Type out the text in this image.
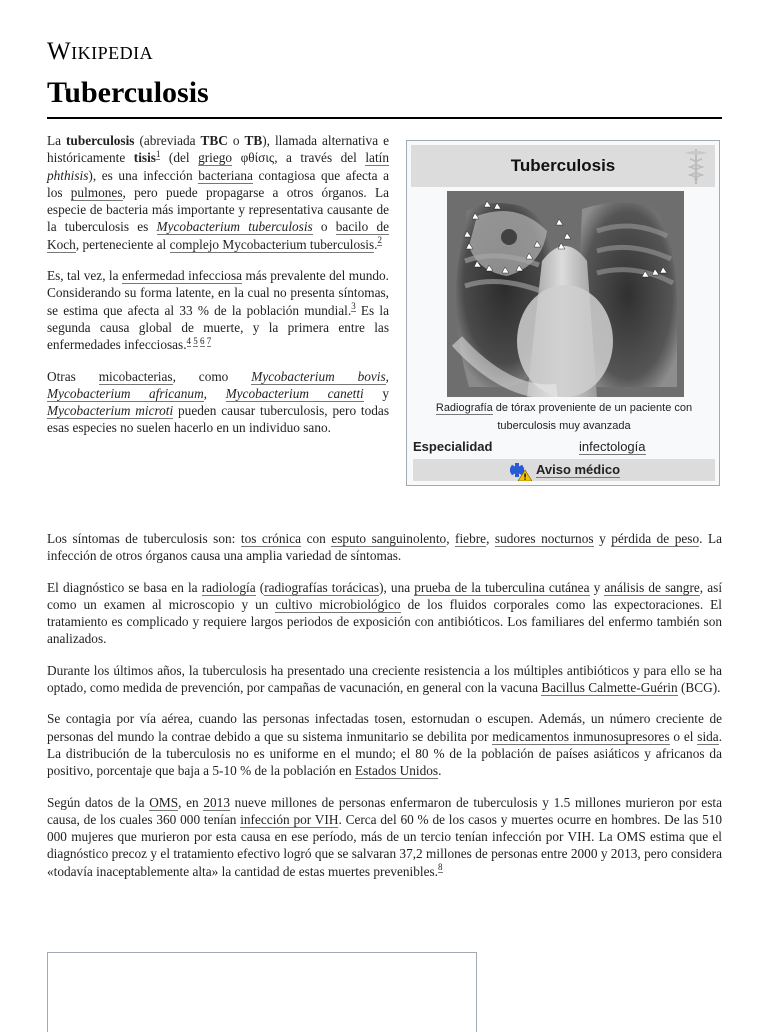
Wikipedia
Tuberculosis

La tuberculosis (abreviada TBC o TB), llamada alternativa e históricamente tisis$^1$ (del griego φθίσις, a través del latín phthisis), es una infección bacteriana contagiosa que afecta a los pulmones, pero puede propagarse a otros órganos. La especie de bacteria más importante y representativa causante de la tuberculosis es Mycobacterium tuberculosis o bacilo de Koch, perteneciente al complejo Mycobacterium tuberculosis.$^2$

Es, tal vez, la enfermedad infecciosa más prevalente del mundo. Considerando su forma latente, en la cual no presenta síntomas, se estima que afecta al 33 % de la población mundial.$^3$ Es la segunda causa global de muerte, y la primera entre las enfermedades infecciosas.$^{4 5 6 7}$

Otras micobacterias, como Mycobacterium bovis, Mycobacterium africanum, Mycobacterium canetti y Mycobacterium microti pueden causar tuberculosis, pero todas esas especies no suelen hacerlo en un individuo sano.

Tuberculosis
Radiografía de tórax proveniente de un paciente con tuberculosis muy avanzada
Especialidad	infectología
Aviso médico

Los síntomas de tuberculosis son: tos crónica con esputo sanguinolento, fiebre, sudores nocturnos y pérdida de peso. La infección de otros órganos causa una amplia variedad de síntomas.

El diagnóstico se basa en la radiología (radiografías torácicas), una prueba de la tuberculina cutánea y análisis de sangre, así como un examen al microscopio y un cultivo microbiológico de los fluidos corporales como las expectoraciones. El tratamiento es complicado y requiere largos periodos de exposición con antibióticos. Los familiares del enfermo también son analizados.

Durante los últimos años, la tuberculosis ha presentado una creciente resistencia a los múltiples antibióticos y para ello se ha optado, como medida de prevención, por campañas de vacunación, en general con la vacuna Bacillus Calmette-Guérin (BCG).

Se contagia por vía aérea, cuando las personas infectadas tosen, estornudan o escupen. Además, un número creciente de personas del mundo la contrae debido a que su sistema inmunitario se debilita por medicamentos inmunosupresores o el sida. La distribución de la tuberculosis no es uniforme en el mundo; el 80 % de la población de países asiáticos y africanos da positivo, porcentaje que baja a 5-10 % de la población en Estados Unidos.

Según datos de la OMS, en 2013 nueve millones de personas enfermaron de tuberculosis y 1.5 millones murieron por esta causa, de los cuales 360 000 tenían infección por VIH. Cerca del 60 % de los casos y muertes ocurre en hombres. De las 510 000 mujeres que murieron por esta causa en ese período, más de un tercio tenían infección por VIH. La OMS estima que el diagnóstico precoz y el tratamiento efectivo logró que se salvaran 37,2 millones de personas entre 2000 y 2013, pero considera «todavía inaceptablemente alta» la cantidad de estas muertes prevenibles.$^8$
